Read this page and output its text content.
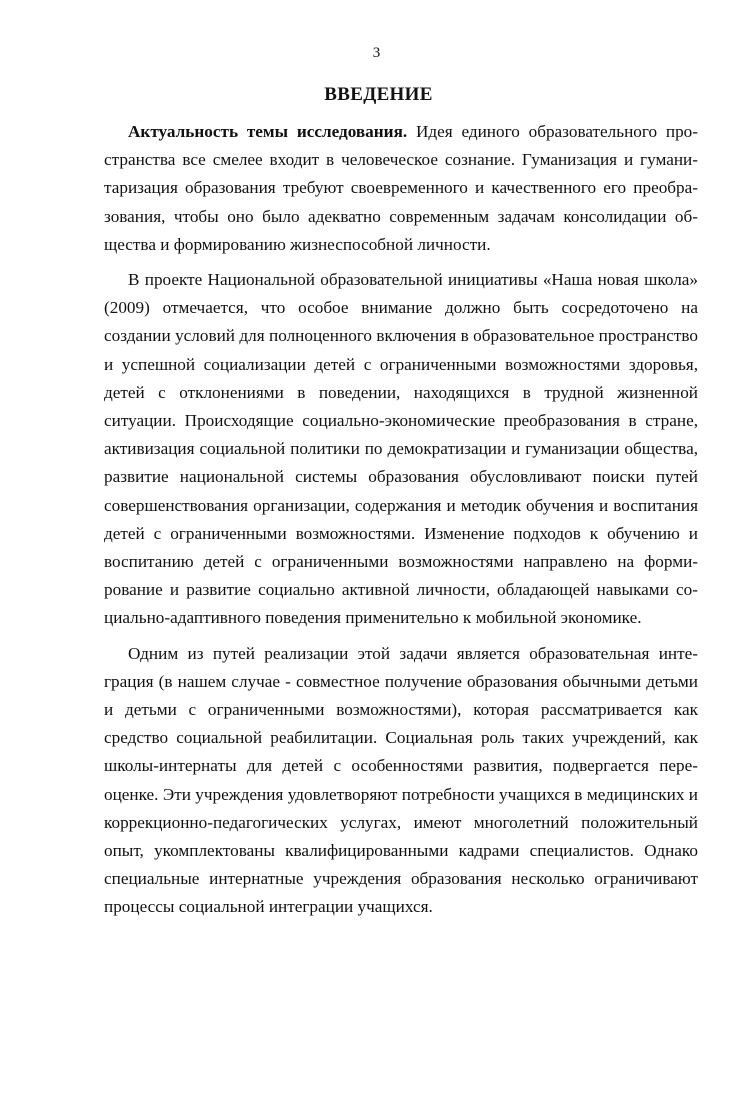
3
ВВЕДЕНИЕ

Актуальность темы исследования. Идея единого образовательного пространства все смелее входит в человеческое сознание. Гуманизация и гуманитаризация образования требуют своевременного и качественного его преобразования, чтобы оно было адекватно современным задачам консолидации общества и формированию жизнеспособной личности.

В проекте Национальной образовательной инициативы «Наша новая школа» (2009) отмечается, что особое внимание должно быть сосредоточено на создании условий для полноценного включения в образовательное пространство и успешной социализации детей с ограниченными возможностями здоровья, детей с отклонениями в поведении, находящихся в трудной жизненной ситуации. Происходящие социально-экономические преобразования в стране, активизация социальной политики по демократизации и гуманизации общества, развитие национальной системы образования обусловливают поиски путей совершенствования организации, содержания и методик обучения и воспитания детей с ограниченными возможностями. Изменение подходов к обучению и воспитанию детей с ограниченными возможностями направлено на формирование и развитие социально активной личности, обладающей навыками социально-адаптивного поведения применительно к мобильной экономике.

Одним из путей реализации этой задачи является образовательная интеграция (в нашем случае - совместное получение образования обычными детьми и детьми с ограниченными возможностями), которая рассматривается как средство социальной реабилитации. Социальная роль таких учреждений, как школы-интернаты для детей с особенностями развития, подвергается переоценке. Эти учреждения удовлетворяют потребности учащихся в медицинских и коррекционно-педагогических услугах, имеют многолетний положительный опыт, укомплектованы квалифицированными кадрами специалистов. Однако специальные интернатные учреждения образования несколько ограничивают процессы социальной интеграции учащихся.
